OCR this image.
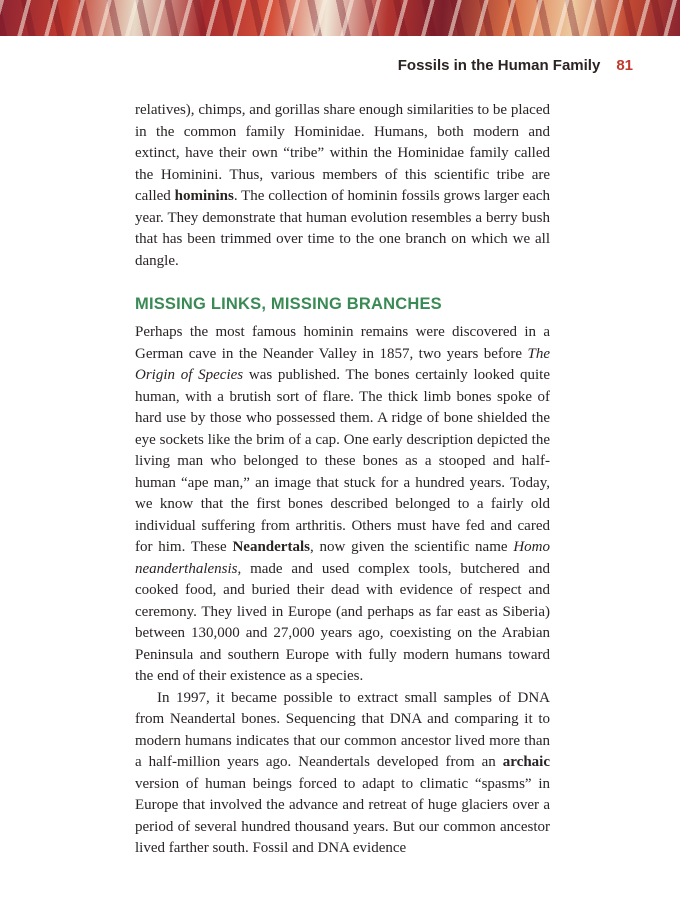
Fossils in the Human Family 81

relatives), chimps, and gorillas share enough similarities to be placed in the common family Hominidae. Humans, both modern and extinct, have their own “tribe” within the Hominidae family called the Hominini. Thus, various members of this scientific tribe are called hominins. The collection of hominin fossils grows larger each year. They demonstrate that human evolution resembles a berry bush that has been trimmed over time to the one branch on which we all dangle.

MISSING LINKS, MISSING BRANCHES

Perhaps the most famous hominin remains were discovered in a German cave in the Neander Valley in 1857, two years before The Origin of Species was published. The bones certainly looked quite human, with a brutish sort of flare. The thick limb bones spoke of hard use by those who possessed them. A ridge of bone shielded the eye sockets like the brim of a cap. One early description depicted the living man who belonged to these bones as a stooped and half-human “ape man,” an image that stuck for a hundred years. Today, we know that the first bones described belonged to a fairly old individual suffering from arthritis. Others must have fed and cared for him. These Neandertals, now given the scientific name Homo neanderthalensis, made and used complex tools, butchered and cooked food, and buried their dead with evidence of respect and ceremony. They lived in Europe (and perhaps as far east as Siberia) between 130,000 and 27,000 years ago, coexisting on the Arabian Peninsula and southern Europe with fully modern humans toward the end of their existence as a species.

In 1997, it became possible to extract small samples of DNA from Neandertal bones. Sequencing that DNA and comparing it to modern humans indicates that our common ancestor lived more than a half-million years ago. Neandertals developed from an archaic version of human beings forced to adapt to climatic “spasms” in Europe that involved the advance and retreat of huge glaciers over a period of several hundred thousand years. But our common ancestor lived farther south. Fossil and DNA evidence
